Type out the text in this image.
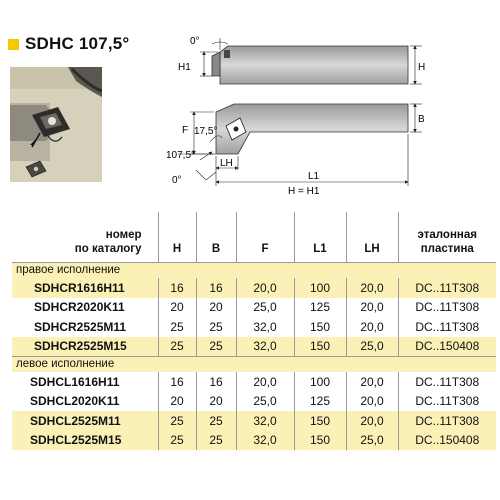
SDHC 107,5°	0°
H1	H
F
B
17,5°
107,5°
LH
L1
0°
H = H1
номер
по каталогу	H	B	F	L1	LH	эталонная
пластина
правое исполнение						
SDHCR1616H11	16	16	20,0	100	20,0	DC..11T308
SDHCR2020K11	20	20	25,0	125	20,0	DC..11T308
SDHCR2525M11	25	25	32,0	150	20,0	DC..11T308
SDHCR2525M15	25	25	32,0	150	25,0	DC..150408
левое исполнение						
SDHCL1616H11	16	16	20,0	100	20,0	DC..11T308
SDHCL2020K11	20	20	25,0	125	20,0	DC..11T308
SDHCL2525M11	25	25	32,0	150	20,0	DC..11T308
SDHCL2525M15	25	25	32,0	150	25,0	DC..150408
